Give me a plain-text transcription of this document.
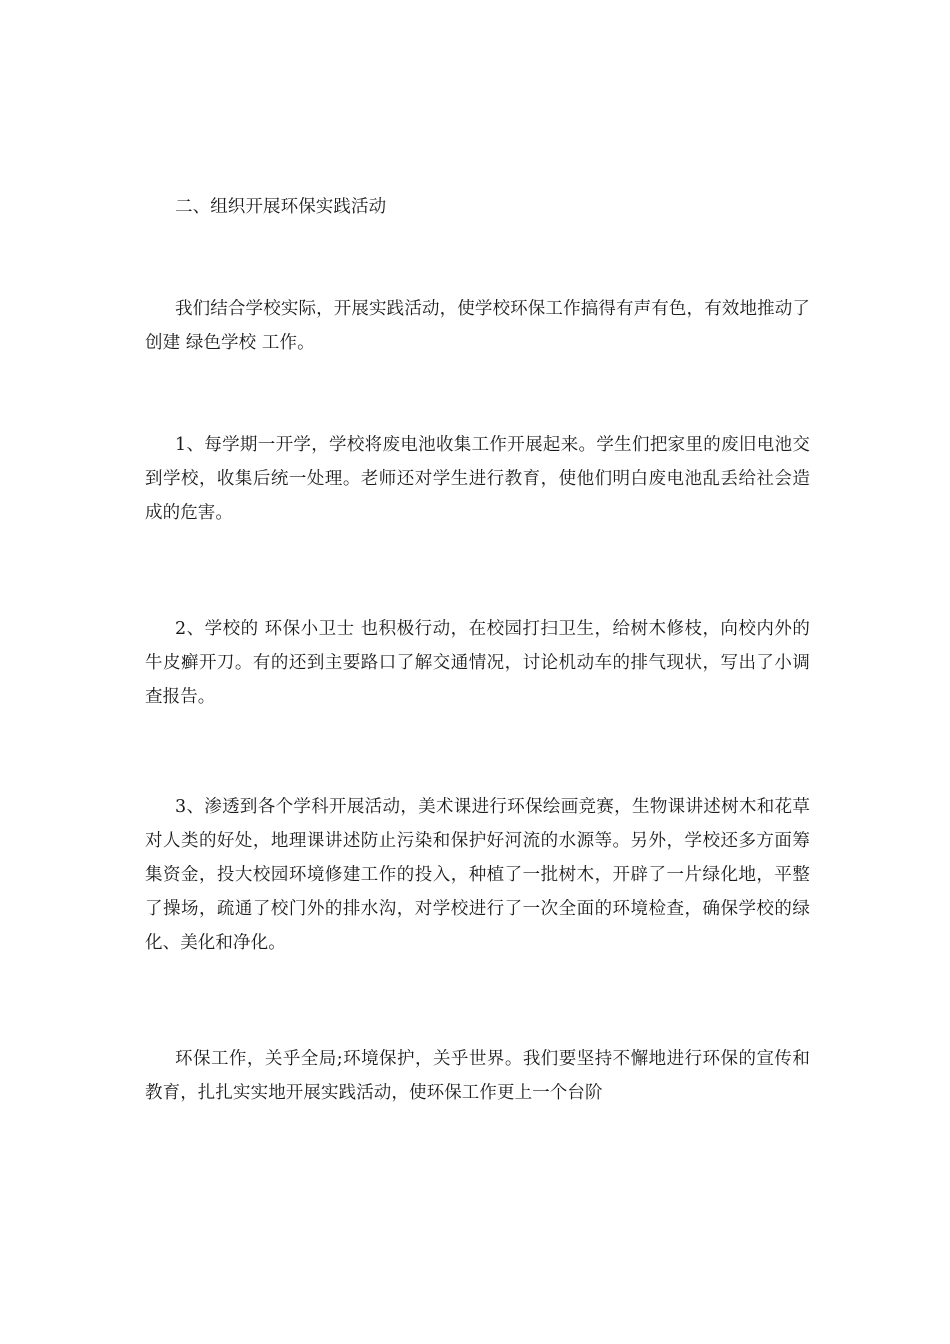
二、组织开展环保实践活动

我们结合学校实际，开展实践活动，使学校环保工作搞得有声有色，有效地推动了创建 绿色学校 工作。

1、每学期一开学，学校将废电池收集工作开展起来。学生们把家里的废旧电池交到学校，收集后统一处理。老师还对学生进行教育，使他们明白废电池乱丢给社会造成的危害。

2、学校的 环保小卫士 也积极行动，在校园打扫卫生，给树木修枝，向校内外的牛皮癣开刀。有的还到主要路口了解交通情况，讨论机动车的排气现状，写出了小调查报告。

3、渗透到各个学科开展活动，美术课进行环保绘画竞赛，生物课讲述树木和花草对人类的好处，地理课讲述防止污染和保护好河流的水源等。另外，学校还多方面筹集资金，投大校园环境修建工作的投入，种植了一批树木，开辟了一片绿化地，平整了操场，疏通了校门外的排水沟，对学校进行了一次全面的环境检查，确保学校的绿化、美化和净化。

环保工作，关乎全局;环境保护，关乎世界。我们要坚持不懈地进行环保的宣传和教育，扎扎实实地开展实践活动，使环保工作更上一个台阶
